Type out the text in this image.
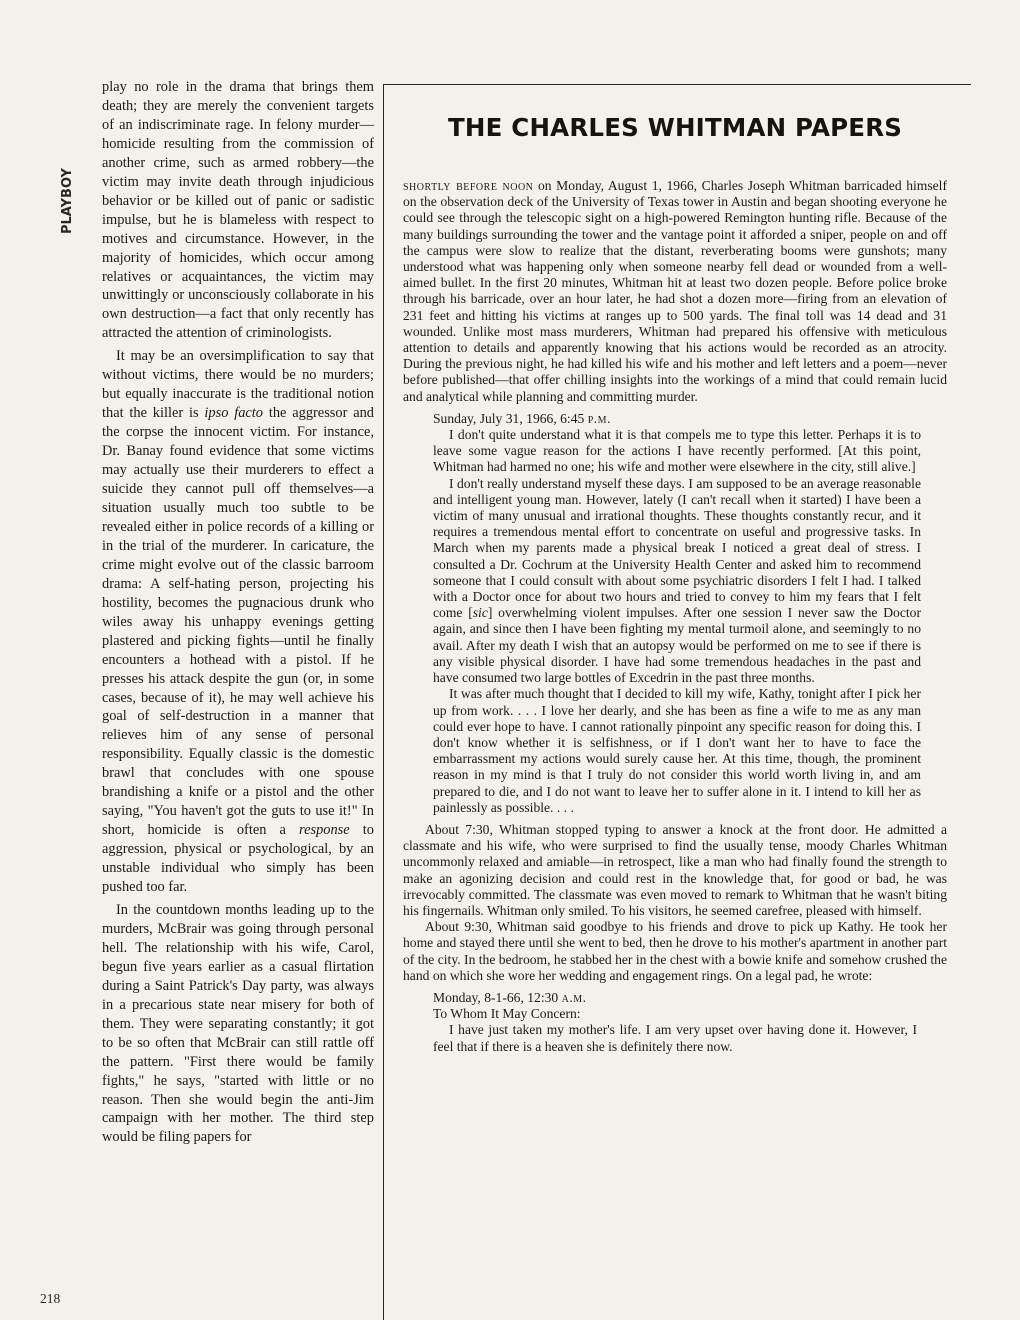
PLAYBOY

play no role in the drama that brings them death; they are merely the convenient targets of an indiscriminate rage. In felony murder—homicide resulting from the commission of another crime, such as armed robbery—the victim may invite death through injudicious behavior or be killed out of panic or sadistic impulse, but he is blameless with respect to motives and circumstance. However, in the majority of homicides, which occur among relatives or acquaintances, the victim may unwittingly or unconsciously collaborate in his own destruction—a fact that only recently has attracted the attention of criminologists.

It may be an oversimplification to say that without victims, there would be no murders; but equally inaccurate is the traditional notion that the killer is ipso facto the aggressor and the corpse the innocent victim. For instance, Dr. Banay found evidence that some victims may actually use their murderers to effect a suicide they cannot pull off themselves—a situation usually much too subtle to be revealed either in police records of a killing or in the trial of the murderer. In caricature, the crime might evolve out of the classic barroom drama: A self-hating person, projecting his hostility, becomes the pugnacious drunk who wiles away his unhappy evenings getting plastered and picking fights—until he finally encounters a hothead with a pistol. If he presses his attack despite the gun (or, in some cases, because of it), he may well achieve his goal of self-destruction in a manner that relieves him of any sense of personal responsibility. Equally classic is the domestic brawl that concludes with one spouse brandishing a knife or a pistol and the other saying, "You haven't got the guts to use it!" In short, homicide is often a response to aggression, physical or psychological, by an unstable individual who simply has been pushed too far.

In the countdown months leading up to the murders, McBrair was going through personal hell. The relationship with his wife, Carol, begun five years earlier as a casual flirtation during a Saint Patrick's Day party, was always in a precarious state near misery for both of them. They were separating constantly; it got to be so often that McBrair can still rattle off the pattern. "First there would be family fights," he says, "started with little or no reason. Then she would begin the anti-Jim campaign with her mother. The third step would be filing papers for

218
THE CHARLES WHITMAN PAPERS

shortly before noon on Monday, August 1, 1966, Charles Joseph Whitman barricaded himself on the observation deck of the University of Texas tower in Austin and began shooting everyone he could see through the telescopic sight on a high-powered Remington hunting rifle. Because of the many buildings surrounding the tower and the vantage point it afforded a sniper, people on and off the campus were slow to realize that the distant, reverberating booms were gunshots; many understood what was happening only when someone nearby fell dead or wounded from a well-aimed bullet. In the first 20 minutes, Whitman hit at least two dozen people. Before police broke through his barricade, over an hour later, he had shot a dozen more—firing from an elevation of 231 feet and hitting his victims at ranges up to 500 yards. The final toll was 14 dead and 31 wounded. Unlike most mass murderers, Whitman had prepared his offensive with meticulous attention to details and apparently knowing that his actions would be recorded as an atrocity. During the previous night, he had killed his wife and his mother and left letters and a poem—never before published—that offer chilling insights into the workings of a mind that could remain lucid and analytical while planning and committing murder.

Sunday, July 31, 1966, 6:45 p.m.

I don't quite understand what it is that compels me to type this letter. Perhaps it is to leave some vague reason for the actions I have recently performed. [At this point, Whitman had harmed no one; his wife and mother were elsewhere in the city, still alive.]

I don't really understand myself these days. I am supposed to be an average reasonable and intelligent young man. However, lately (I can't recall when it started) I have been a victim of many unusual and irrational thoughts. These thoughts constantly recur, and it requires a tremendous mental effort to concentrate on useful and progressive tasks. In March when my parents made a physical break I noticed a great deal of stress. I consulted a Dr. Cochrum at the University Health Center and asked him to recommend someone that I could consult with about some psychiatric disorders I felt I had. I talked with a Doctor once for about two hours and tried to convey to him my fears that I felt come [sic] overwhelming violent impulses. After one session I never saw the Doctor again, and since then I have been fighting my mental turmoil alone, and seemingly to no avail. After my death I wish that an autopsy would be performed on me to see if there is any visible physical disorder. I have had some tremendous headaches in the past and have consumed two large bottles of Excedrin in the past three months.

It was after much thought that I decided to kill my wife, Kathy, tonight after I pick her up from work. . . . I love her dearly, and she has been as fine a wife to me as any man could ever hope to have. I cannot rationally pinpoint any specific reason for doing this. I don't know whether it is selfishness, or if I don't want her to have to face the embarrassment my actions would surely cause her. At this time, though, the prominent reason in my mind is that I truly do not consider this world worth living in, and am prepared to die, and I do not want to leave her to suffer alone in it. I intend to kill her as painlessly as possible. . . .

About 7:30, Whitman stopped typing to answer a knock at the front door. He admitted a classmate and his wife, who were surprised to find the usually tense, moody Charles Whitman uncommonly relaxed and amiable—in retrospect, like a man who had finally found the strength to make an agonizing decision and could rest in the knowledge that, for good or bad, he was irrevocably committed. The classmate was even moved to remark to Whitman that he wasn't biting his fingernails. Whitman only smiled. To his visitors, he seemed carefree, pleased with himself.

About 9:30, Whitman said goodbye to his friends and drove to pick up Kathy. He took her home and stayed there until she went to bed, then he drove to his mother's apartment in another part of the city. In the bedroom, he stabbed her in the chest with a bowie knife and somehow crushed the hand on which she wore her wedding and engagement rings. On a legal pad, he wrote:

Monday, 8-1-66, 12:30 a.m.

To Whom It May Concern:

I have just taken my mother's life. I am very upset over having done it. However, I feel that if there is a heaven she is definitely there now.
